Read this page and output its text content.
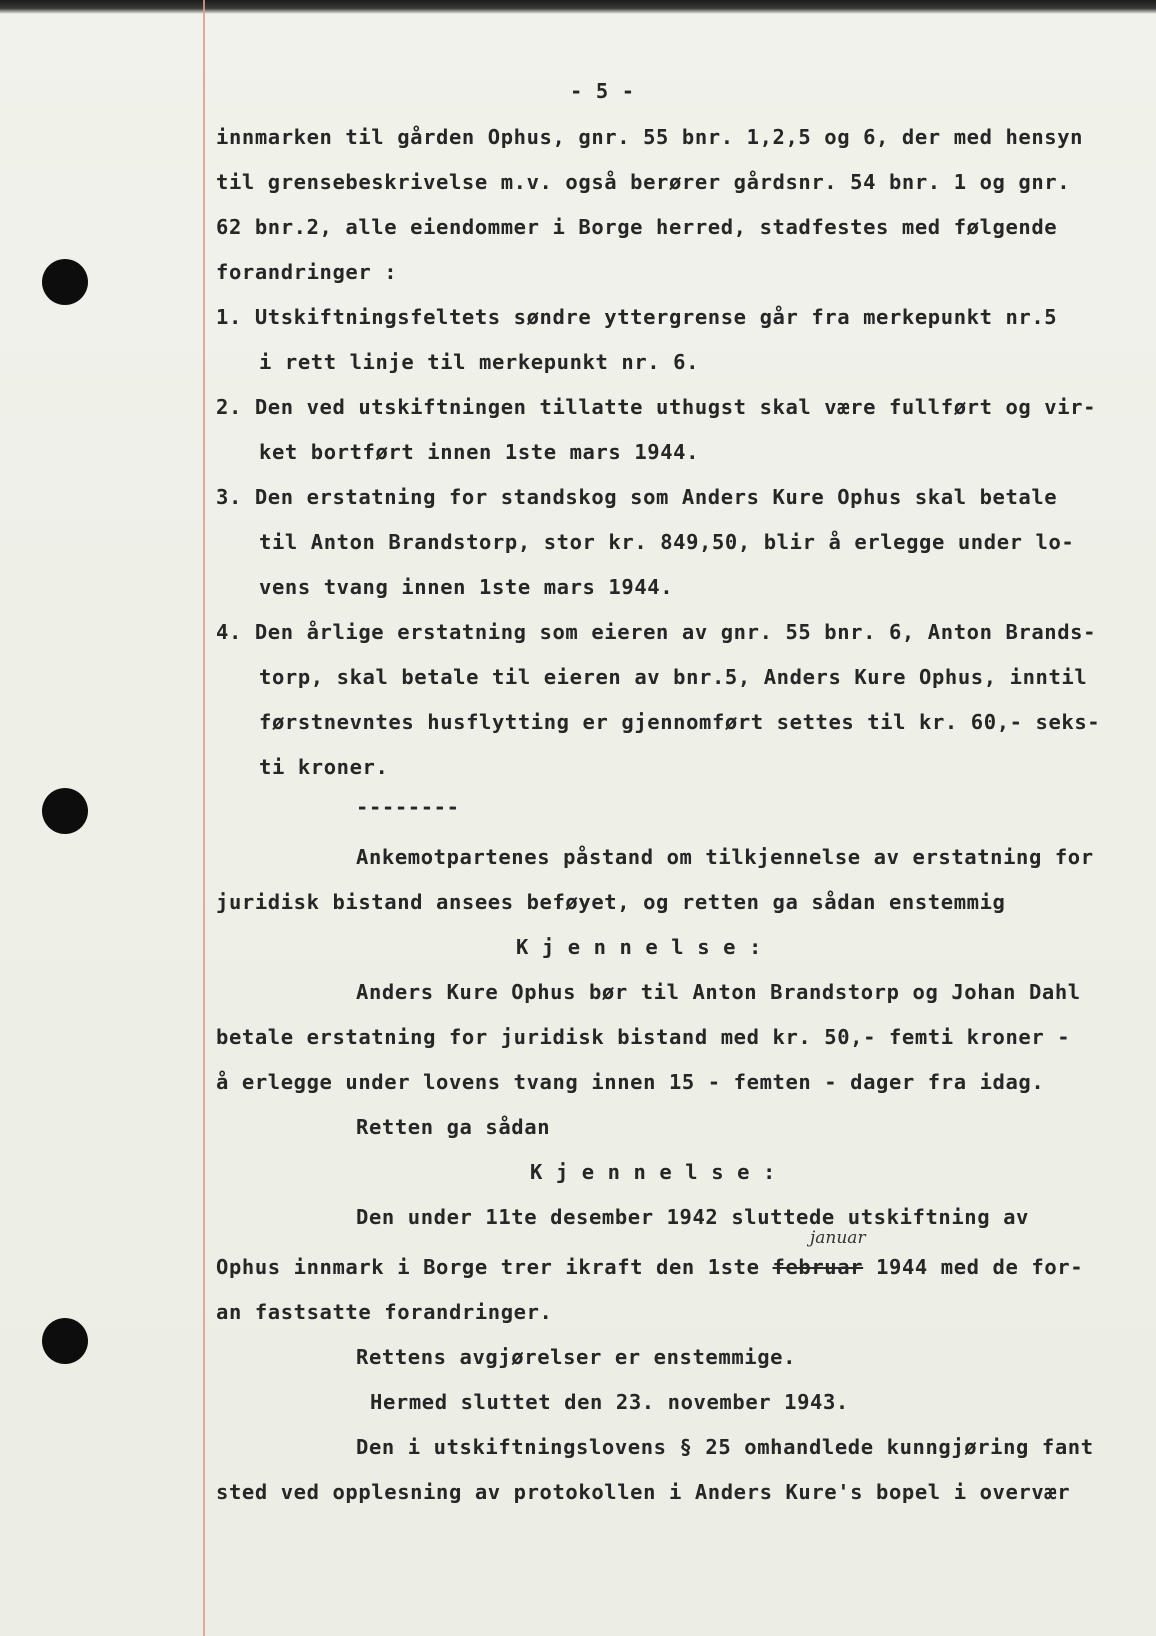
- 5 -

innmarken til gården Ophus, gnr. 55 bnr. 1,2,5 og 6, der med hensyn

til grensebeskrivelse m.v. også berører gårdsnr. 54 bnr. 1 og gnr.

62 bnr.2, alle eiendommer i Borge herred, stadfestes med følgende

forandringer :

1. Utskiftningsfeltets søndre yttergrense går fra merkepunkt nr.5

i rett linje til merkepunkt nr. 6.

2. Den ved utskiftningen tillatte uthugst skal være fullført og vir-

ket bortført innen 1ste mars 1944.

3. Den erstatning for standskog som Anders Kure Ophus skal betale

til Anton Brandstorp, stor kr. 849,50, blir å erlegge under lo-

vens tvang innen 1ste mars 1944.

4. Den årlige erstatning som eieren av gnr. 55 bnr. 6, Anton Brands-

torp, skal betale til eieren av bnr.5, Anders Kure Ophus, inntil

førstnevntes husflytting er gjennomført settes til kr. 60,- seks-

ti kroner.

--------

Ankemotpartenes påstand om tilkjennelse av erstatning for

juridisk bistand ansees beføyet, og retten ga sådan enstemmig

K j e n n e l s e :

Anders Kure Ophus bør til Anton Brandstorp og Johan Dahl

betale erstatning for juridisk bistand med kr. 50,- femti kroner -

å erlegge under lovens tvang innen 15 - femten - dager fra idag.

Retten ga sådan

K j e n n e l s e :

Den under 11te desember 1942 sluttede utskiftning av

januar

Ophus innmark i Borge trer ikraft den 1ste februar 1944 med de for-

an fastsatte forandringer.

Rettens avgjørelser er enstemmige.

Hermed sluttet den 23. november 1943.

Den i utskiftningslovens § 25 omhandlede kunngjøring fant

sted ved opplesning av protokollen i Anders Kure's bopel i overvær
